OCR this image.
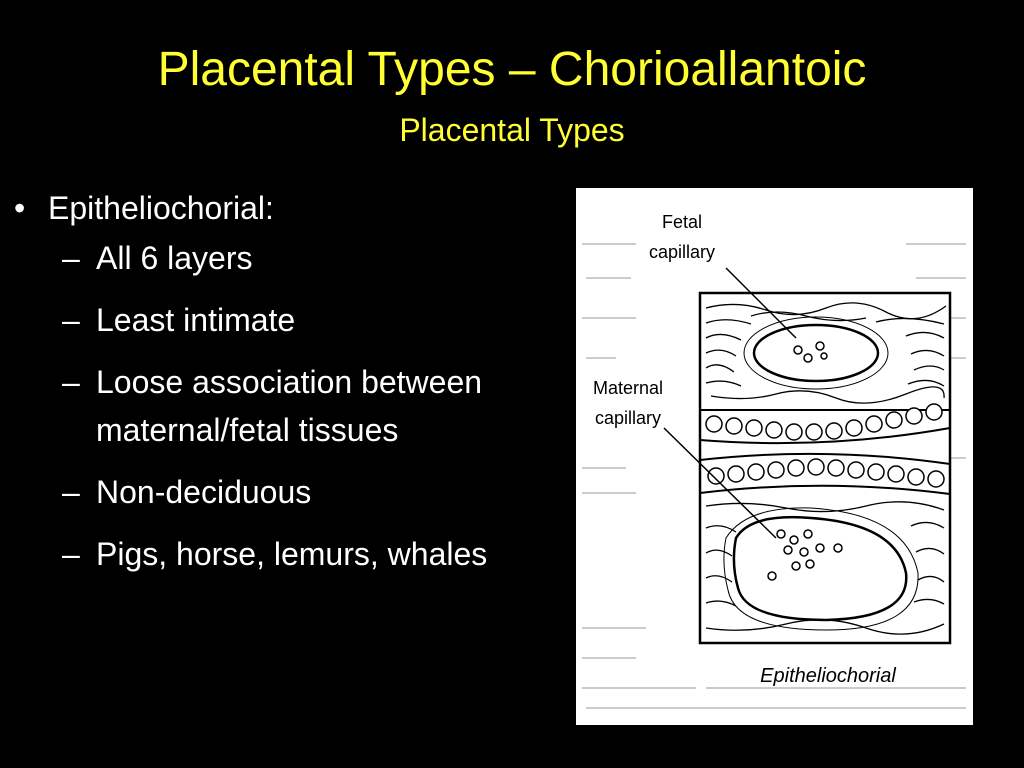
Placental Types – Chorioallantoic
Placental Types
• Epitheliochorial:
– All 6 layers
– Least intimate
– Loose association between maternal/fetal tissues
– Non-deciduous
– Pigs, horse, lemurs, whales
Fetal
capillary
Maternal
capillary
Epitheliochorial
